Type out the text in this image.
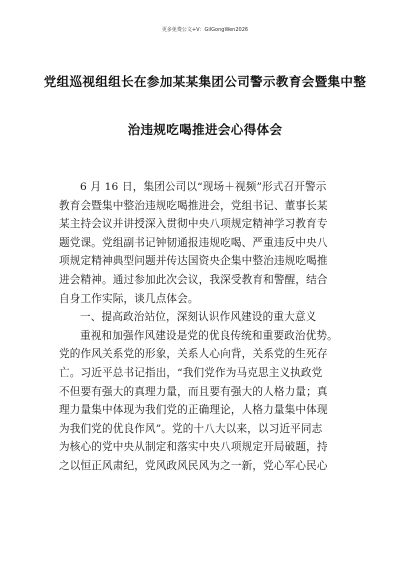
更多免费公文+V：GilGongWen2026
党组巡视组组长在参加某某集团公司警示教育会暨集中整
治违规吃喝推进会心得体会
6 月 16 日，集团公司以“现场＋视频”形式召开警示
教育会暨集中整治违规吃喝推进会，党组书记、董事长某
某主持会议并讲授深入贯彻中央八项规定精神学习教育专
题党课。党组副书记钟韧通报违规吃喝、严重违反中央八
项规定精神典型问题并传达国资央企集中整治违规吃喝推
进会精神。通过参加此次会议，我深受教育和警醒，结合
自身工作实际，谈几点体会。
一、提高政治站位，深刻认识作风建设的重大意义
重视和加强作风建设是党的优良传统和重要政治优势。
党的作风关系党的形象，关系人心向背，关系党的生死存
亡。习近平总书记指出，“我们党作为马克思主义执政党
不但要有强大的真理力量，而且要有强大的人格力量；真
理力量集中体现为我们党的正确理论，人格力量集中体现
为我们党的优良作风”。党的十八大以来，以习近平同志
为核心的党中央从制定和落实中央八项规定开局破题，持
之以恒正风肃纪，党风政风民风为之一新，党心军心民心
